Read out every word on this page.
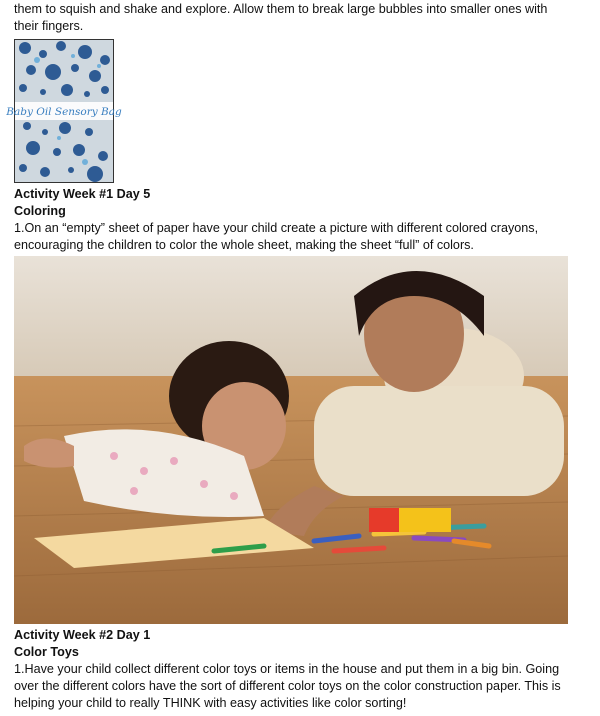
them to squish and shake and explore. Allow them to break large bubbles into smaller ones with their fingers.

Baby Oil Sensory Bag

Activity Week #1 Day 5

Coloring

1.On an “empty” sheet of paper have your child create a picture with different colored crayons, encouraging the children to color the whole sheet, making the sheet “full” of colors.

Activity Week #2 Day 1

Color Toys

1.Have your child collect different color toys or items in the house and put them in a big bin. Going over the different colors have the sort of different color toys on the color construction paper. This is helping your child to really THINK with easy activities like color sorting!
